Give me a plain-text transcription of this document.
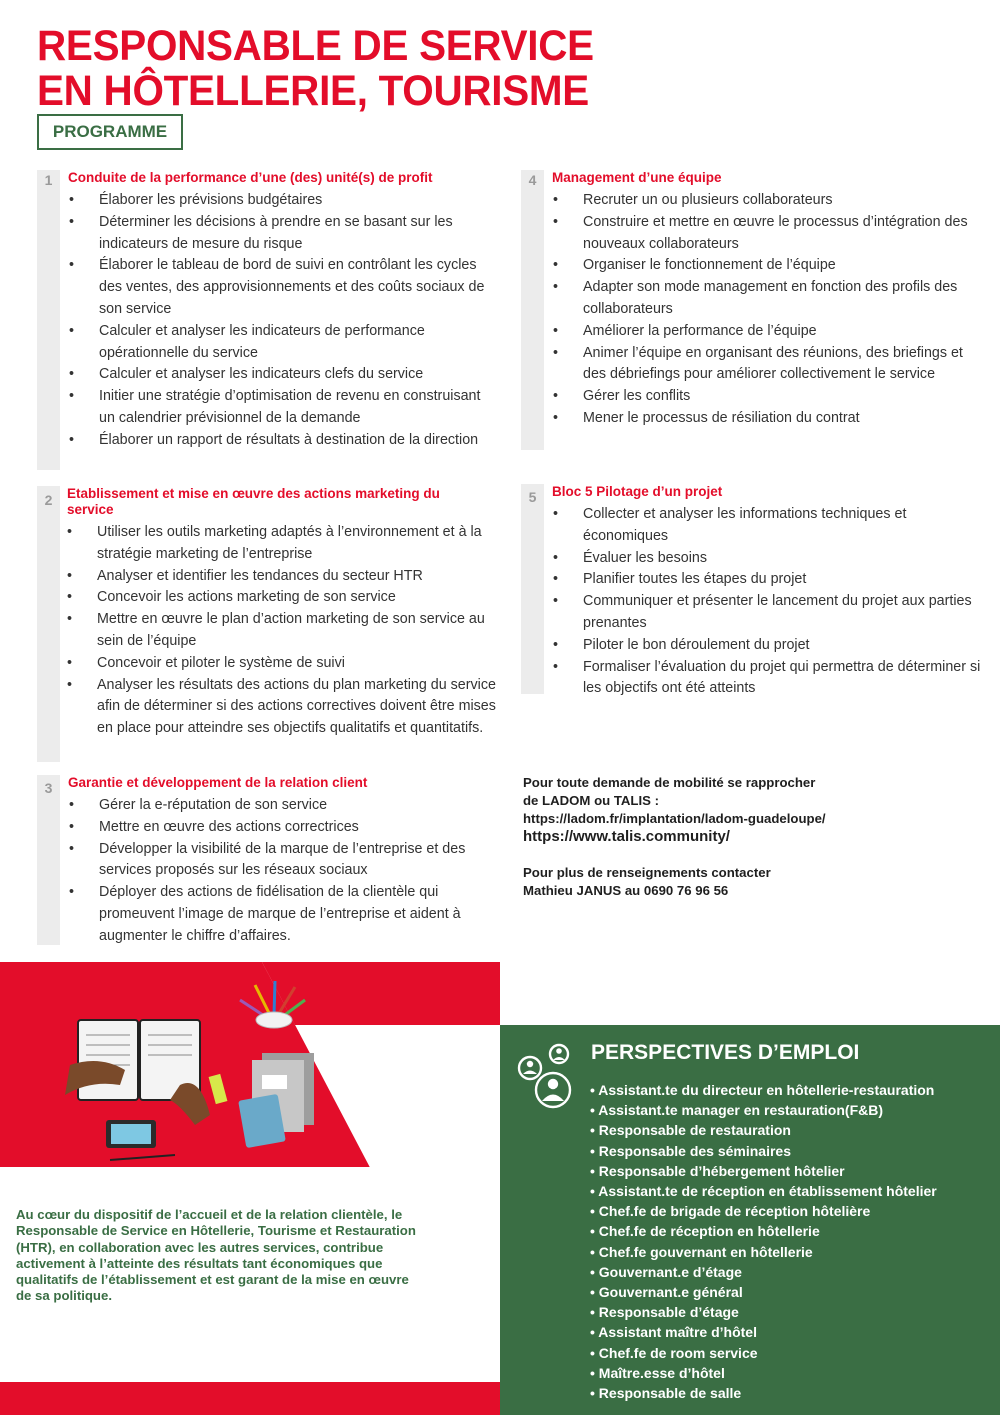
RESPONSABLE DE SERVICE
EN HÔTELLERIE, TOURISME
PROGRAMME
1	Conduite de la performance d’une (des) unité(s) de profit
• Élaborer les prévisions budgétaires
• Déterminer les décisions à prendre en se basant sur les indicateurs de mesure du risque
• Élaborer le tableau de bord de suivi en contrôlant les cycles des ventes, des approvisionnements et des coûts sociaux de son service
• Calculer et analyser les indicateurs de performance opérationnelle du service
• Calculer et analyser les indicateurs clefs du service
• Initier une stratégie d’optimisation de revenu en construisant un calendrier prévisionnel de la demande
• Élaborer un rapport de résultats à destination de la direction
2	Etablissement et mise en œuvre des actions marketing du service
• Utiliser les outils marketing adaptés à l’environnement et à la stratégie marketing de l’entreprise
• Analyser et identifier les tendances du secteur HTR
• Concevoir les actions marketing de son service
• Mettre en œuvre le plan d’action marketing de son service au sein de l’équipe
• Concevoir et piloter le système de suivi
• Analyser les résultats des actions du plan marketing du service afin de déterminer si des actions correctives doivent être mises en place pour atteindre ses objectifs qualitatifs et quantitatifs.
3	Garantie et développement de la relation client
• Gérer la e-réputation de son service
• Mettre en œuvre des actions correctrices
• Développer la visibilité de la marque de l’entreprise et des services proposés sur les réseaux sociaux
• Déployer des actions de fidélisation de la clientèle qui promeuvent l’image de marque de l’entreprise et aident à augmenter le chiffre d’affaires.
4	Management d’une équipe
• Recruter un ou plusieurs collaborateurs
• Construire et mettre en œuvre le processus d’intégration des nouveaux collaborateurs
• Organiser le fonctionnement de l’équipe
• Adapter son mode management en fonction des profils des collaborateurs
• Améliorer la performance de l’équipe
• Animer l’équipe en organisant des réunions, des briefings et des débriefings pour améliorer collectivement le service
• Gérer les conflits
• Mener le processus de résiliation du contrat
5	Bloc 5 Pilotage d’un projet
• Collecter et analyser les informations techniques et économiques
• Évaluer les besoins
• Planifier toutes les étapes du projet
• Communiquer et présenter le lancement du projet aux parties prenantes
• Piloter le bon déroulement du projet
• Formaliser l’évaluation du projet qui permettra de déterminer si les objectifs ont été atteints

Pour toute demande de mobilité se rapprocher

de LADOM ou TALIS :

https://ladom.fr/implantation/ladom-guadeloupe/

https://www.talis.community/

Pour plus de renseignements contacter

Mathieu JANUS au 0690 76 96 56

PERSPECTIVES D’EMPLOI
• Assistant.te du directeur en hôtellerie-restauration
• Assistant.te manager en restauration(F&B)
• Responsable de restauration
• Responsable des séminaires
• Responsable d’hébergement hôtelier
• Assistant.te de réception en établissement hôtelier
• Chef.fe de brigade de réception hôtelière
• Chef.fe de réception en hôtellerie
• Chef.fe gouvernant en hôtellerie
• Gouvernant.e d’étage
• Gouvernant.e général
• Responsable d’étage
• Assistant maître d’hôtel
• Chef.fe de room service
• Maître.esse d’hôtel
• Responsable de salle

Au cœur du dispositif de l’accueil et de la relation clientèle, le Responsable de Service en Hôtellerie, Tourisme et Restauration (HTR), en collaboration avec les autres services, contribue activement à l’atteinte des résultats tant économiques que qualitatifs de l’établissement et est garant de la mise en œuvre de sa politique.
